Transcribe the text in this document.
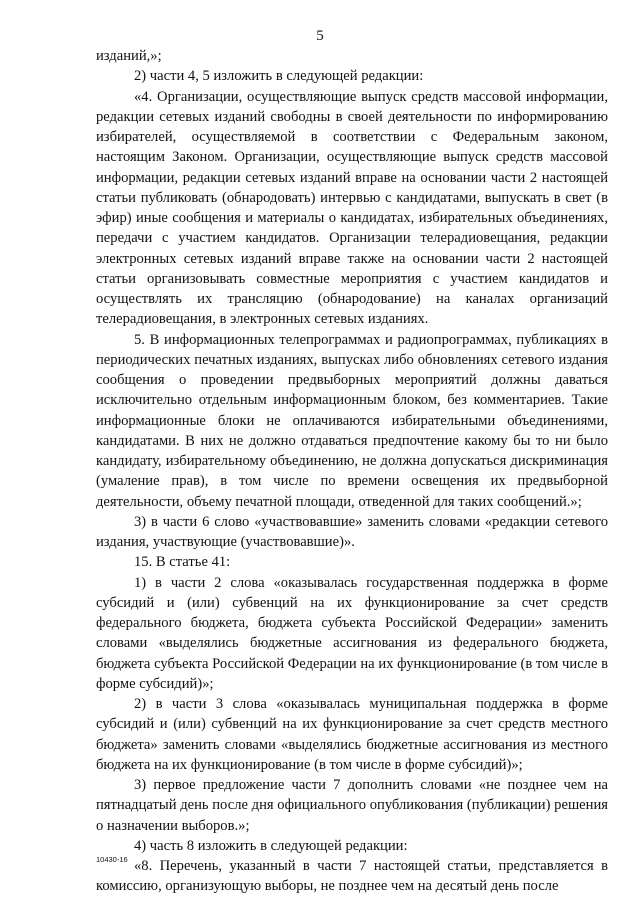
5

изданий,»;

2) части 4, 5 изложить в следующей редакции:

«4. Организации, осуществляющие выпуск средств массовой информации, редакции сетевых изданий свободны в своей деятельности по информированию избирателей, осуществляемой в соответствии с Федеральным законом, настоящим Законом. Организации, осуществляющие выпуск средств массовой информации, редакции сетевых изданий вправе на основании части 2 настоящей статьи публиковать (обнародовать) интервью с кандидатами, выпускать в свет (в эфир) иные сообщения и материалы о кандидатах, избирательных объединениях, передачи с участием кандидатов. Организации телерадиовещания, редакции электронных сетевых изданий вправе также на основании части 2 настоящей статьи организовывать совместные мероприятия с участием кандидатов и осуществлять их трансляцию (обнародование) на каналах организаций телерадиовещания, в электронных сетевых изданиях.

5. В информационных телепрограммах и радиопрограммах, публикациях в периодических печатных изданиях, выпусках либо обновлениях сетевого издания сообщения о проведении предвыборных мероприятий должны даваться исключительно отдельным информационным блоком, без комментариев. Такие информационные блоки не оплачиваются избирательными объединениями, кандидатами. В них не должно отдаваться предпочтение какому бы то ни было кандидату, избирательному объединению, не должна допускаться дискриминация (умаление прав), в том числе по времени освещения их предвыборной деятельности, объему печатной площади, отведенной для таких сообщений.»;

3) в части 6 слово «участвовавшие» заменить словами «редакции сетевого издания, участвующие (участвовавшие)».

15. В статье 41:

1) в части 2 слова «оказывалась государственная поддержка в форме субсидий и (или) субвенций на их функционирование за счет средств федерального бюджета, бюджета субъекта Российской Федерации» заменить словами «выделялись бюджетные ассигнования из федерального бюджета, бюджета субъекта Российской Федерации на их функционирование (в том числе в форме субсидий)»;

2) в части 3 слова «оказывалась муниципальная поддержка в форме субсидий и (или) субвенций на их функционирование за счет средств местного бюджета» заменить словами «выделялись бюджетные ассигнования из местного бюджета на их функционирование (в том числе в форме субсидий)»;

3) первое предложение части 7 дополнить словами «не позднее чем на пятнадцатый день после дня официального опубликования (публикации) решения о назначении выборов.»;

4) часть 8 изложить в следующей редакции:

«8. Перечень, указанный в части 7 настоящей статьи, представляется в комиссию, организующую выборы, не позднее чем на десятый день после

10430-16
